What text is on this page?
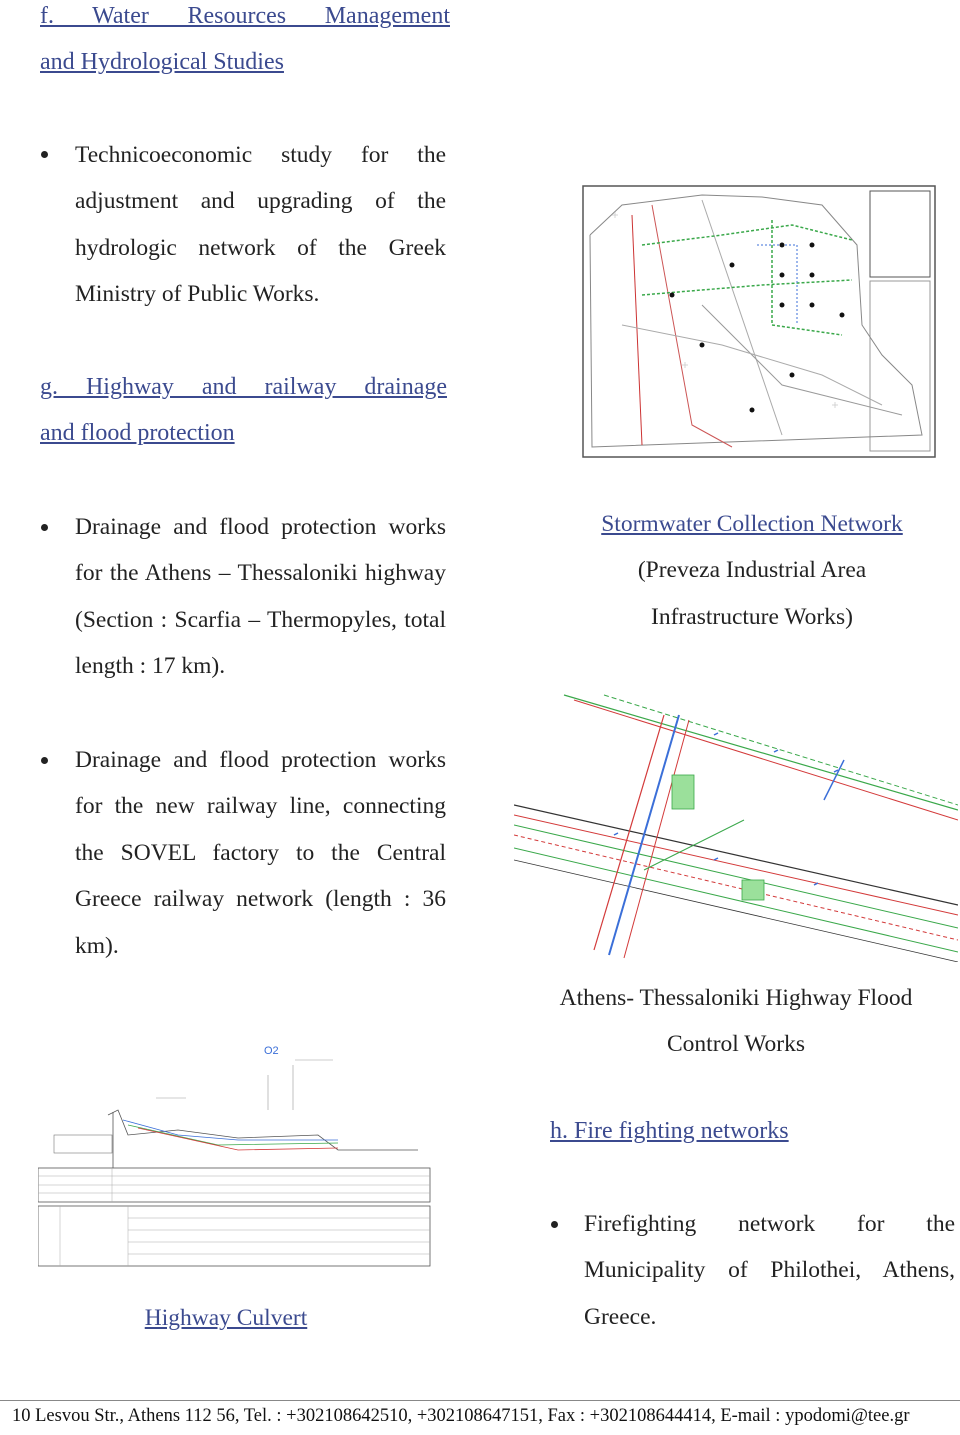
f. Water Resources Management
and Hydrological Studies
Technicoeconomic study for the adjustment and upgrading of the hydrologic network of the Greek Ministry of Public Works.
g. Highway and railway drainage
and flood protection
Drainage and flood protection works for the Athens – Thessaloniki highway (Section : Scarfia – Thermopyles, total length : 17 km).
Drainage and flood protection works for the new railway line, connecting the SOVEL factory to the Central Greece railway network (length : 36 km).
Stormwater Collection Network
(Preveza Industrial Area
Infrastructure Works)
Athens- Thessaloniki Highway Flood
Control Works
h. Fire fighting networks
Firefighting network for the Municipality of Philothei, Athens, Greece.
O2
Highway Culvert
10 Lesvou Str., Athens 112 56, Tel. : +302108642510, +302108647151, Fax : +302108644414, E-mail : ypodomi@tee.gr
